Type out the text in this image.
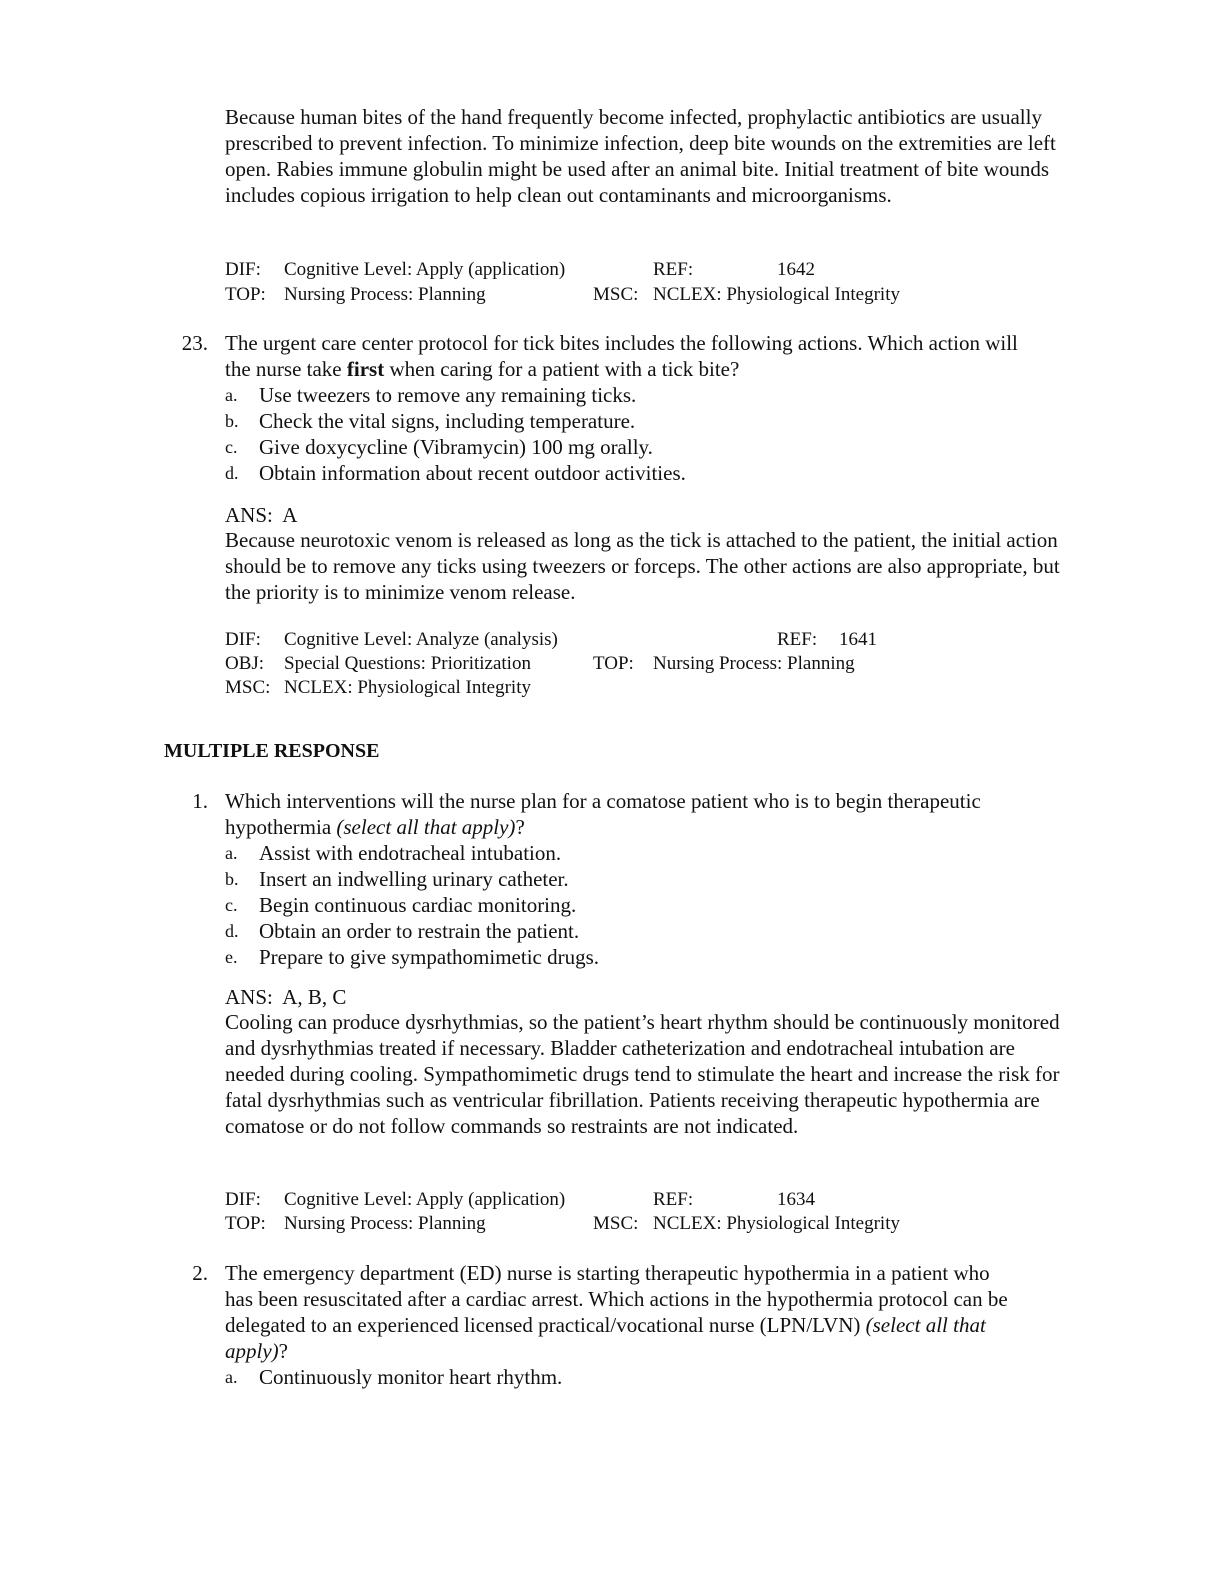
Because human bites of the hand frequently become infected, prophylactic antibiotics are usually prescribed to prevent infection. To minimize infection, deep bite wounds on the extremities are left open. Rabies immune globulin might be used after an animal bite. Initial treatment of bite wounds includes copious irrigation to help clean out contaminants and microorganisms.
DIF: Cognitive Level: Apply (application)	REF:	1642
TOP: Nursing Process: Planning	MSC: NCLEX: Physiological Integrity
23. The urgent care center protocol for tick bites includes the following actions. Which action will
the nurse take first when caring for a patient with a tick bite?
a. Use tweezers to remove any remaining ticks.
b. Check the vital signs, including temperature.
c. Give doxycycline (Vibramycin) 100 mg orally.
d. Obtain information about recent outdoor activities.
ANS: A
Because neurotoxic venom is released as long as the tick is attached to the patient, the initial action should be to remove any ticks using tweezers or forceps. The other actions are also appropriate, but the priority is to minimize venom release.
DIF: Cognitive Level: Analyze (analysis)	REF: 1641
OBJ: Special Questions: Prioritization	TOP: Nursing Process: Planning
MSC: NCLEX: Physiological Integrity
MULTIPLE RESPONSE
1. Which interventions will the nurse plan for a comatose patient who is to begin therapeutic
hypothermia (select all that apply)?
a. Assist with endotracheal intubation.
b. Insert an indwelling urinary catheter.
c. Begin continuous cardiac monitoring.
d. Obtain an order to restrain the patient.
e. Prepare to give sympathomimetic drugs.
ANS: A, B, C
Cooling can produce dysrhythmias, so the patient’s heart rhythm should be continuously monitored and dysrhythmias treated if necessary. Bladder catheterization and endotracheal intubation are needed during cooling. Sympathomimetic drugs tend to stimulate the heart and increase the risk for fatal dysrhythmias such as ventricular fibrillation. Patients receiving therapeutic hypothermia are comatose or do not follow commands so restraints are not indicated.
DIF: Cognitive Level: Apply (application)	REF:	1634
TOP: Nursing Process: Planning	MSC: NCLEX: Physiological Integrity
2. The emergency department (ED) nurse is starting therapeutic hypothermia in a patient who
has been resuscitated after a cardiac arrest. Which actions in the hypothermia protocol can be
delegated to an experienced licensed practical/vocational nurse (LPN/LVN) (select all that
apply)?
a. Continuously monitor heart rhythm.
